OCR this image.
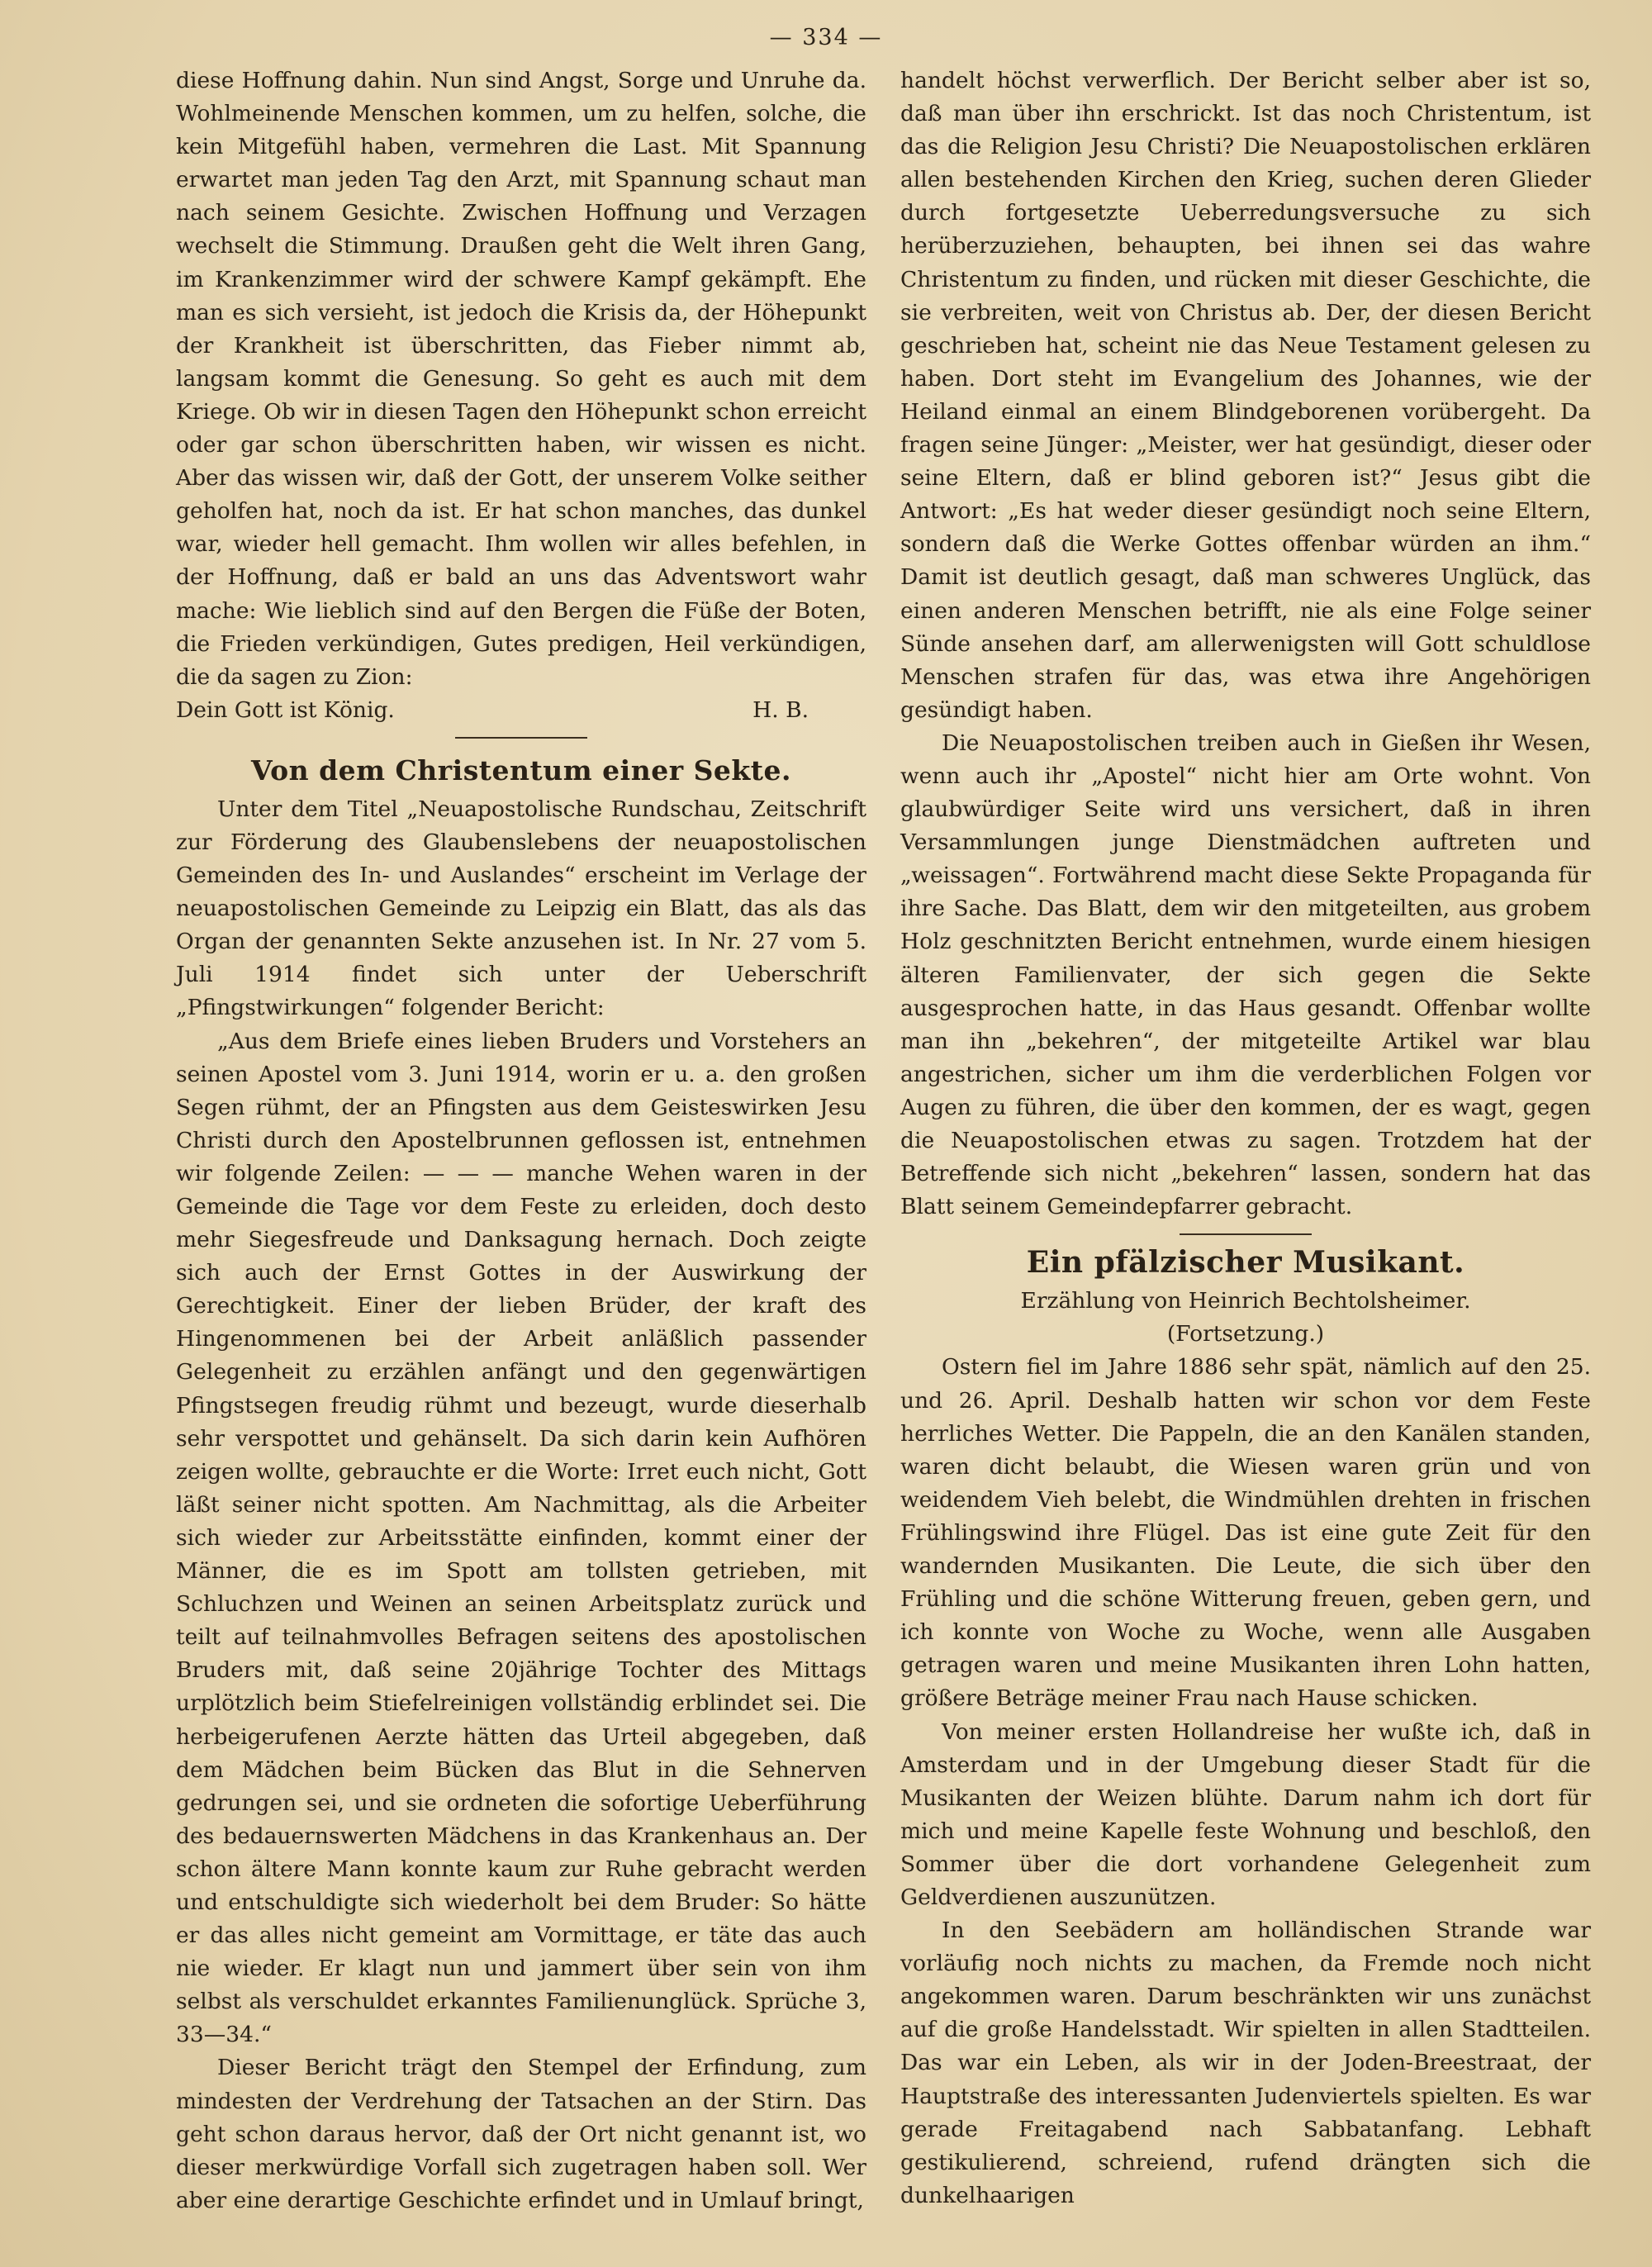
— 334 —

diese Hoffnung dahin. Nun sind Angst, Sorge und Unruhe da. Wohlmeinende Menschen kommen, um zu helfen, solche, die kein Mitgefühl haben, vermehren die Last. Mit Spannung erwartet man jeden Tag den Arzt, mit Spannung schaut man nach seinem Gesichte. Zwischen Hoffnung und Verzagen wechselt die Stimmung. Draußen geht die Welt ihren Gang, im Krankenzimmer wird der schwere Kampf gekämpft. Ehe man es sich versieht, ist jedoch die Krisis da, der Höhepunkt der Krankheit ist überschritten, das Fieber nimmt ab, langsam kommt die Genesung. So geht es auch mit dem Kriege. Ob wir in diesen Tagen den Höhepunkt schon erreicht oder gar schon überschritten haben, wir wissen es nicht. Aber das wissen wir, daß der Gott, der unserem Volke seither geholfen hat, noch da ist. Er hat schon manches, das dunkel war, wieder hell gemacht. Ihm wollen wir alles befehlen, in der Hoffnung, daß er bald an uns das Adventswort wahr mache: Wie lieblich sind auf den Bergen die Füße der Boten, die Frieden verkündigen, Gutes predigen, Heil verkündigen, die da sagen zu Zion:

Dein Gott ist König.	H. B.
Von dem Christentum einer Sekte.

Unter dem Titel „Neuapostolische Rundschau, Zeitschrift zur Förderung des Glaubenslebens der neuapostolischen Gemeinden des In- und Auslandes“ erscheint im Verlage der neuapostolischen Gemeinde zu Leipzig ein Blatt, das als das Organ der genannten Sekte anzusehen ist. In Nr. 27 vom 5. Juli 1914 findet sich unter der Ueberschrift „Pfingstwirkungen“ folgender Bericht:

„Aus dem Briefe eines lieben Bruders und Vorstehers an seinen Apostel vom 3. Juni 1914, worin er u. a. den großen Segen rühmt, der an Pfingsten aus dem Geisteswirken Jesu Christi durch den Apostelbrunnen geflossen ist, entnehmen wir folgende Zeilen: — — — manche Wehen waren in der Gemeinde die Tage vor dem Feste zu erleiden, doch desto mehr Siegesfreude und Danksagung hernach. Doch zeigte sich auch der Ernst Gottes in der Auswirkung der Gerechtigkeit. Einer der lieben Brüder, der kraft des Hingenommenen bei der Arbeit anläßlich passender Gelegenheit zu erzählen anfängt und den gegenwärtigen Pfingstsegen freudig rühmt und bezeugt, wurde dieserhalb sehr verspottet und gehänselt. Da sich darin kein Aufhören zeigen wollte, gebrauchte er die Worte: Irret euch nicht, Gott läßt seiner nicht spotten. Am Nachmittag, als die Arbeiter sich wieder zur Arbeitsstätte einfinden, kommt einer der Männer, die es im Spott am tollsten getrieben, mit Schluchzen und Weinen an seinen Arbeitsplatz zurück und teilt auf teilnahmvolles Befragen seitens des apostolischen Bruders mit, daß seine 20jährige Tochter des Mittags urplötzlich beim Stiefelreinigen vollständig erblindet sei. Die herbeigerufenen Aerzte hätten das Urteil abgegeben, daß dem Mädchen beim Bücken das Blut in die Sehnerven gedrungen sei, und sie ordneten die sofortige Ueberführung des bedauernswerten Mädchens in das Krankenhaus an. Der schon ältere Mann konnte kaum zur Ruhe gebracht werden und entschuldigte sich wiederholt bei dem Bruder: So hätte er das alles nicht gemeint am Vormittage, er täte das auch nie wieder. Er klagt nun und jammert über sein von ihm selbst als verschuldet erkanntes Familienunglück. Sprüche 3, 33—34.“

Dieser Bericht trägt den Stempel der Erfindung, zum mindesten der Verdrehung der Tatsachen an der Stirn. Das geht schon daraus hervor, daß der Ort nicht genannt ist, wo dieser merkwürdige Vorfall sich zugetragen haben soll. Wer aber eine derartige Geschichte erfindet und in Umlauf bringt,

handelt höchst verwerflich. Der Bericht selber aber ist so, daß man über ihn erschrickt. Ist das noch Christentum, ist das die Religion Jesu Christi? Die Neuapostolischen erklären allen bestehenden Kirchen den Krieg, suchen deren Glieder durch fortgesetzte Ueberredungsversuche zu sich herüberzuziehen, behaupten, bei ihnen sei das wahre Christentum zu finden, und rücken mit dieser Geschichte, die sie verbreiten, weit von Christus ab. Der, der diesen Bericht geschrieben hat, scheint nie das Neue Testament gelesen zu haben. Dort steht im Evangelium des Johannes, wie der Heiland einmal an einem Blindgeborenen vorübergeht. Da fragen seine Jünger: „Meister, wer hat gesündigt, dieser oder seine Eltern, daß er blind geboren ist?“ Jesus gibt die Antwort: „Es hat weder dieser gesündigt noch seine Eltern, sondern daß die Werke Gottes offenbar würden an ihm.“ Damit ist deutlich gesagt, daß man schweres Unglück, das einen anderen Menschen betrifft, nie als eine Folge seiner Sünde ansehen darf, am allerwenigsten will Gott schuldlose Menschen strafen für das, was etwa ihre Angehörigen gesündigt haben.

Die Neuapostolischen treiben auch in Gießen ihr Wesen, wenn auch ihr „Apostel“ nicht hier am Orte wohnt. Von glaubwürdiger Seite wird uns versichert, daß in ihren Versammlungen junge Dienstmädchen auftreten und „weissagen“. Fortwährend macht diese Sekte Propaganda für ihre Sache. Das Blatt, dem wir den mitgeteilten, aus grobem Holz geschnitzten Bericht entnehmen, wurde einem hiesigen älteren Familienvater, der sich gegen die Sekte ausgesprochen hatte, in das Haus gesandt. Offenbar wollte man ihn „bekehren“, der mitgeteilte Artikel war blau angestrichen, sicher um ihm die verderblichen Folgen vor Augen zu führen, die über den kommen, der es wagt, gegen die Neuapostolischen etwas zu sagen. Trotzdem hat der Betreffende sich nicht „bekehren“ lassen, sondern hat das Blatt seinem Gemeindepfarrer gebracht.

Ein pfälzischer Musikant.

Erzählung von Heinrich Bechtolsheimer.

(Fortsetzung.)

Ostern fiel im Jahre 1886 sehr spät, nämlich auf den 25. und 26. April. Deshalb hatten wir schon vor dem Feste herrliches Wetter. Die Pappeln, die an den Kanälen standen, waren dicht belaubt, die Wiesen waren grün und von weidendem Vieh belebt, die Windmühlen drehten in frischen Frühlingswind ihre Flügel. Das ist eine gute Zeit für den wandernden Musikanten. Die Leute, die sich über den Frühling und die schöne Witterung freuen, geben gern, und ich konnte von Woche zu Woche, wenn alle Ausgaben getragen waren und meine Musikanten ihren Lohn hatten, größere Beträge meiner Frau nach Hause schicken.

Von meiner ersten Hollandreise her wußte ich, daß in Amsterdam und in der Umgebung dieser Stadt für die Musikanten der Weizen blühte. Darum nahm ich dort für mich und meine Kapelle feste Wohnung und beschloß, den Sommer über die dort vorhandene Gelegenheit zum Geldverdienen auszunützen.

In den Seebädern am holländischen Strande war vorläufig noch nichts zu machen, da Fremde noch nicht angekommen waren. Darum beschränkten wir uns zunächst auf die große Handelsstadt. Wir spielten in allen Stadtteilen. Das war ein Leben, als wir in der Joden-Breestraat, der Hauptstraße des interessanten Judenviertels spielten. Es war gerade Freitagabend nach Sabbatanfang. Lebhaft gestikulierend, schreiend, rufend drängten sich die dunkelhaarigen
